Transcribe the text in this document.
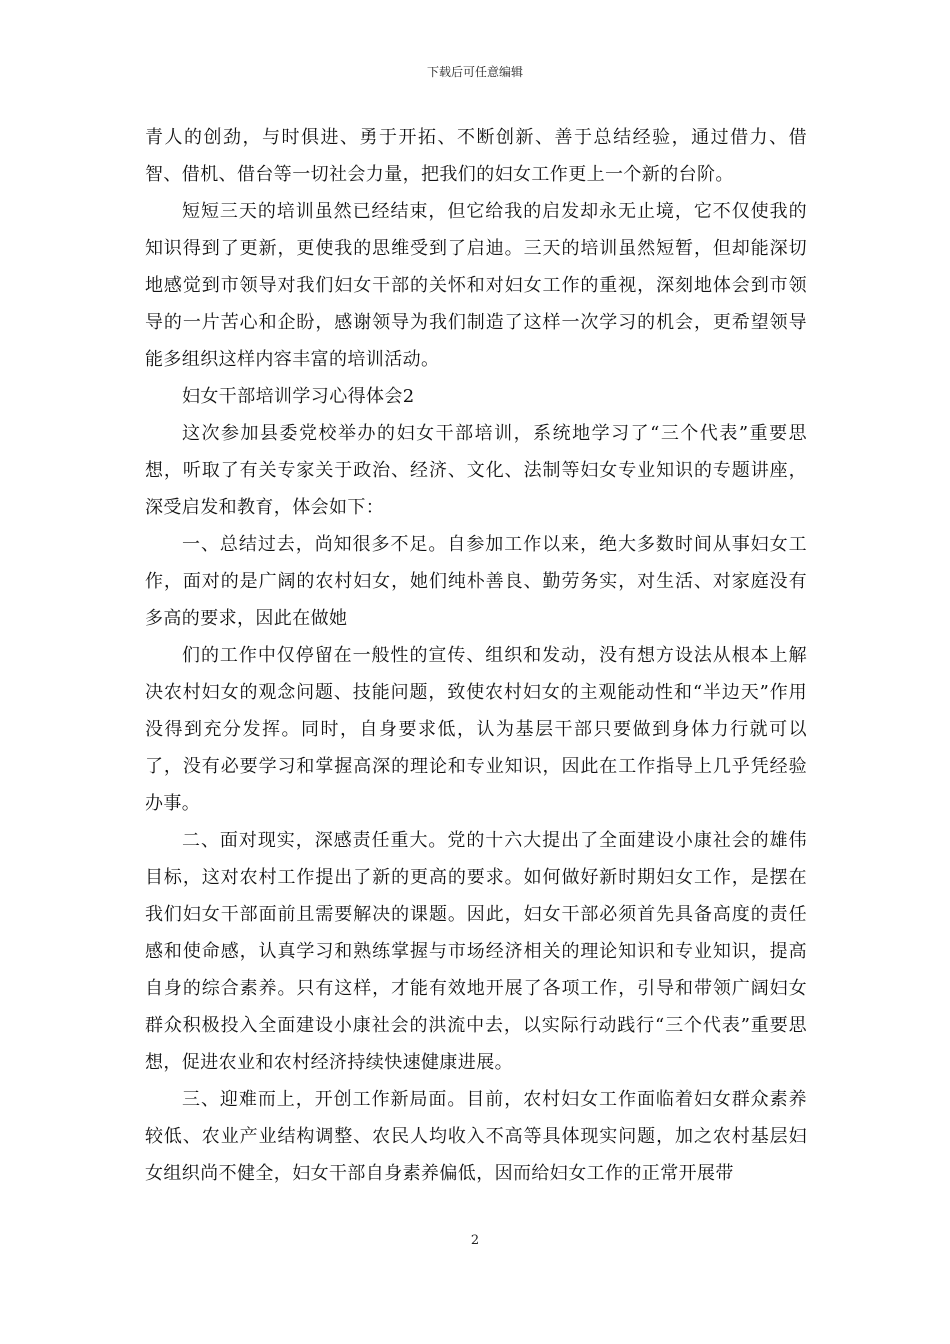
下载后可任意编辑

青人的创劲，与时俱进、勇于开拓、不断创新、善于总结经验，通过借力、借智、借机、借台等一切社会力量，把我们的妇女工作更上一个新的台阶。

短短三天的培训虽然已经结束，但它给我的启发却永无止境，它不仅使我的知识得到了更新，更使我的思维受到了启迪。三天的培训虽然短暂，但却能深切地感觉到市领导对我们妇女干部的关怀和对妇女工作的重视，深刻地体会到市领导的一片苦心和企盼，感谢领导为我们制造了这样一次学习的机会，更希望领导能多组织这样内容丰富的培训活动。

妇女干部培训学习心得体会2

这次参加县委党校举办的妇女干部培训，系统地学习了“三个代表”重要思想，听取了有关专家关于政治、经济、文化、法制等妇女专业知识的专题讲座，深受启发和教育，体会如下：

一、总结过去，尚知很多不足。自参加工作以来，绝大多数时间从事妇女工作，面对的是广阔的农村妇女，她们纯朴善良、勤劳务实，对生活、对家庭没有多高的要求，因此在做她

们的工作中仅停留在一般性的宣传、组织和发动，没有想方设法从根本上解决农村妇女的观念问题、技能问题，致使农村妇女的主观能动性和“半边天”作用没得到充分发挥。同时，自身要求低，认为基层干部只要做到身体力行就可以了，没有必要学习和掌握高深的理论和专业知识，因此在工作指导上几乎凭经验办事。

二、面对现实，深感责任重大。党的十六大提出了全面建设小康社会的雄伟目标，这对农村工作提出了新的更高的要求。如何做好新时期妇女工作，是摆在我们妇女干部面前且需要解决的课题。因此，妇女干部必须首先具备高度的责任感和使命感，认真学习和熟练掌握与市场经济相关的理论知识和专业知识，提高自身的综合素养。只有这样，才能有效地开展了各项工作，引导和带领广阔妇女群众积极投入全面建设小康社会的洪流中去，以实际行动践行“三个代表”重要思想，促进农业和农村经济持续快速健康进展。

三、迎难而上，开创工作新局面。目前，农村妇女工作面临着妇女群众素养较低、农业产业结构调整、农民人均收入不高等具体现实问题，加之农村基层妇女组织尚不健全，妇女干部自身素养偏低，因而给妇女工作的正常开展带

2
